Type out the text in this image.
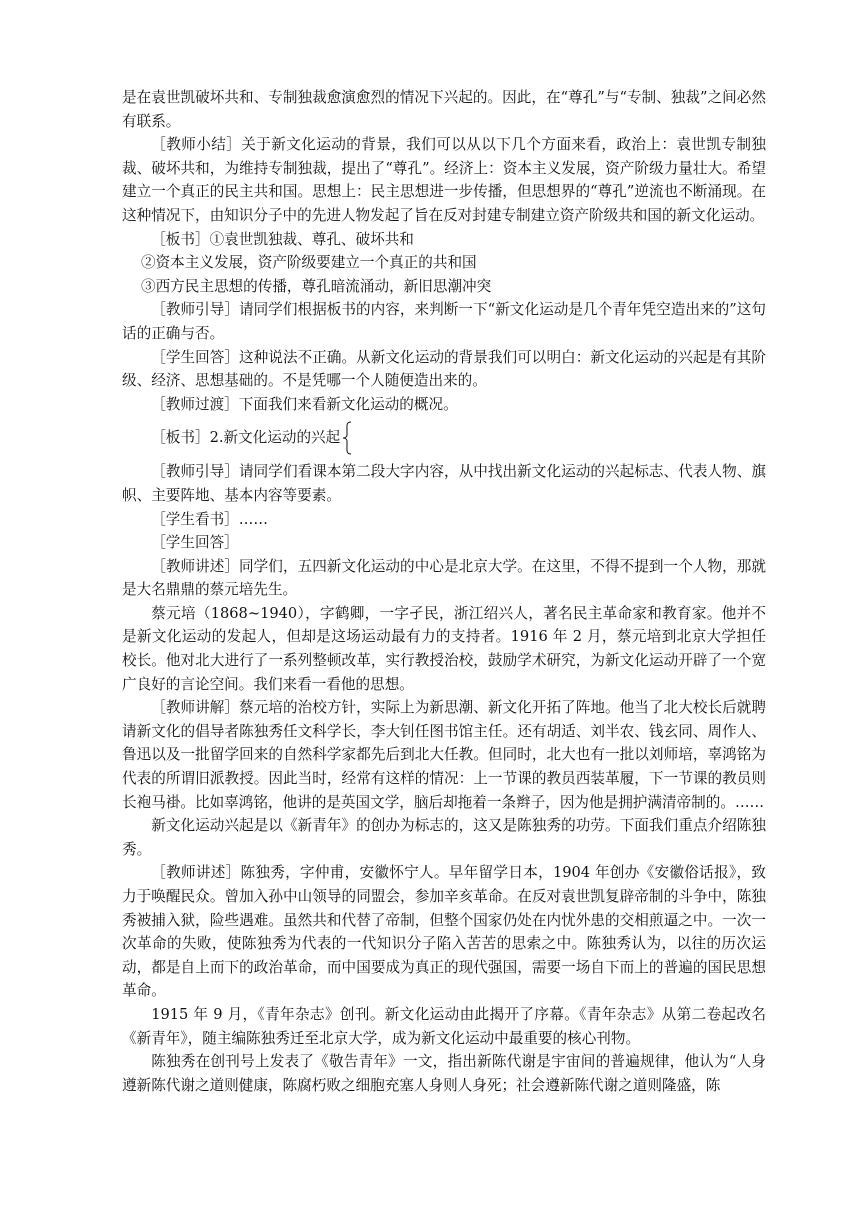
是在袁世凯破坏共和、专制独裁愈演愈烈的情况下兴起的。因此，在“尊孔”与“专制、独裁”之间必然有联系。

［教师小结］关于新文化运动的背景，我们可以从以下几个方面来看，政治上：袁世凯专制独裁、破坏共和，为维持专制独裁，提出了“尊孔”。经济上：资本主义发展，资产阶级力量壮大。希望建立一个真正的民主共和国。思想上：民主思想进一步传播，但思想界的“尊孔”逆流也不断涌现。在这种情况下，由知识分子中的先进人物发起了旨在反对封建专制建立资产阶级共和国的新文化运动。

［板书］①袁世凯独裁、尊孔、破坏共和

②资本主义发展，资产阶级要建立一个真正的共和国

③西方民主思想的传播，尊孔暗流涌动，新旧思潮冲突

［教师引导］请同学们根据板书的内容，来判断一下“新文化运动是几个青年凭空造出来的”这句话的正确与否。

［学生回答］这种说法不正确。从新文化运动的背景我们可以明白：新文化运动的兴起是有其阶级、经济、思想基础的。不是凭哪一个人随便造出来的。

［教师过渡］下面我们来看新文化运动的概况。

［板书］2.新文化运动的兴起

［教师引导］请同学们看课本第二段大字内容，从中找出新文化运动的兴起标志、代表人物、旗帜、主要阵地、基本内容等要素。

［学生看书］……

［学生回答］

［教师讲述］同学们，五四新文化运动的中心是北京大学。在这里，不得不提到一个人物，那就是大名鼎鼎的蔡元培先生。

蔡元培（1868~1940），字鹤卿，一字孑民，浙江绍兴人，著名民主革命家和教育家。他并不是新文化运动的发起人，但却是这场运动最有力的支持者。1916 年 2 月，蔡元培到北京大学担任校长。他对北大进行了一系列整顿改革，实行教授治校，鼓励学术研究，为新文化运动开辟了一个宽广良好的言论空间。我们来看一看他的思想。

［教师讲解］蔡元培的治校方针，实际上为新思潮、新文化开拓了阵地。他当了北大校长后就聘请新文化的倡导者陈独秀任文科学长，李大钊任图书馆主任。还有胡适、刘半农、钱玄同、周作人、鲁迅以及一批留学回来的自然科学家都先后到北大任教。但同时，北大也有一批以刘师培，辜鸿铭为代表的所谓旧派教授。因此当时，经常有这样的情况：上一节课的教员西装革履，下一节课的教员则长袍马褂。比如辜鸿铭，他讲的是英国文学，脑后却拖着一条辫子，因为他是拥护满清帝制的。……

新文化运动兴起是以《新青年》的创办为标志的，这又是陈独秀的功劳。下面我们重点介绍陈独秀。

［教师讲述］陈独秀，字仲甫，安徽怀宁人。早年留学日本，1904 年创办《安徽俗话报》，致力于唤醒民众。曾加入孙中山领导的同盟会，参加辛亥革命。在反对袁世凯复辟帝制的斗争中，陈独秀被捕入狱，险些遇难。虽然共和代替了帝制，但整个国家仍处在内忧外患的交相煎逼之中。一次一次革命的失败，使陈独秀为代表的一代知识分子陷入苦苦的思索之中。陈独秀认为，以往的历次运动，都是自上而下的政治革命，而中国要成为真正的现代强国，需要一场自下而上的普遍的国民思想革命。

1915 年 9 月，《青年杂志》创刊。新文化运动由此揭开了序幕。《青年杂志》从第二卷起改名《新青年》，随主编陈独秀迁至北京大学，成为新文化运动中最重要的核心刊物。

陈独秀在创刊号上发表了《敬告青年》一文，指出新陈代谢是宇宙间的普遍规律，他认为“人身遵新陈代谢之道则健康，陈腐朽败之细胞充塞人身则人身死；社会遵新陈代谢之道则隆盛，陈
